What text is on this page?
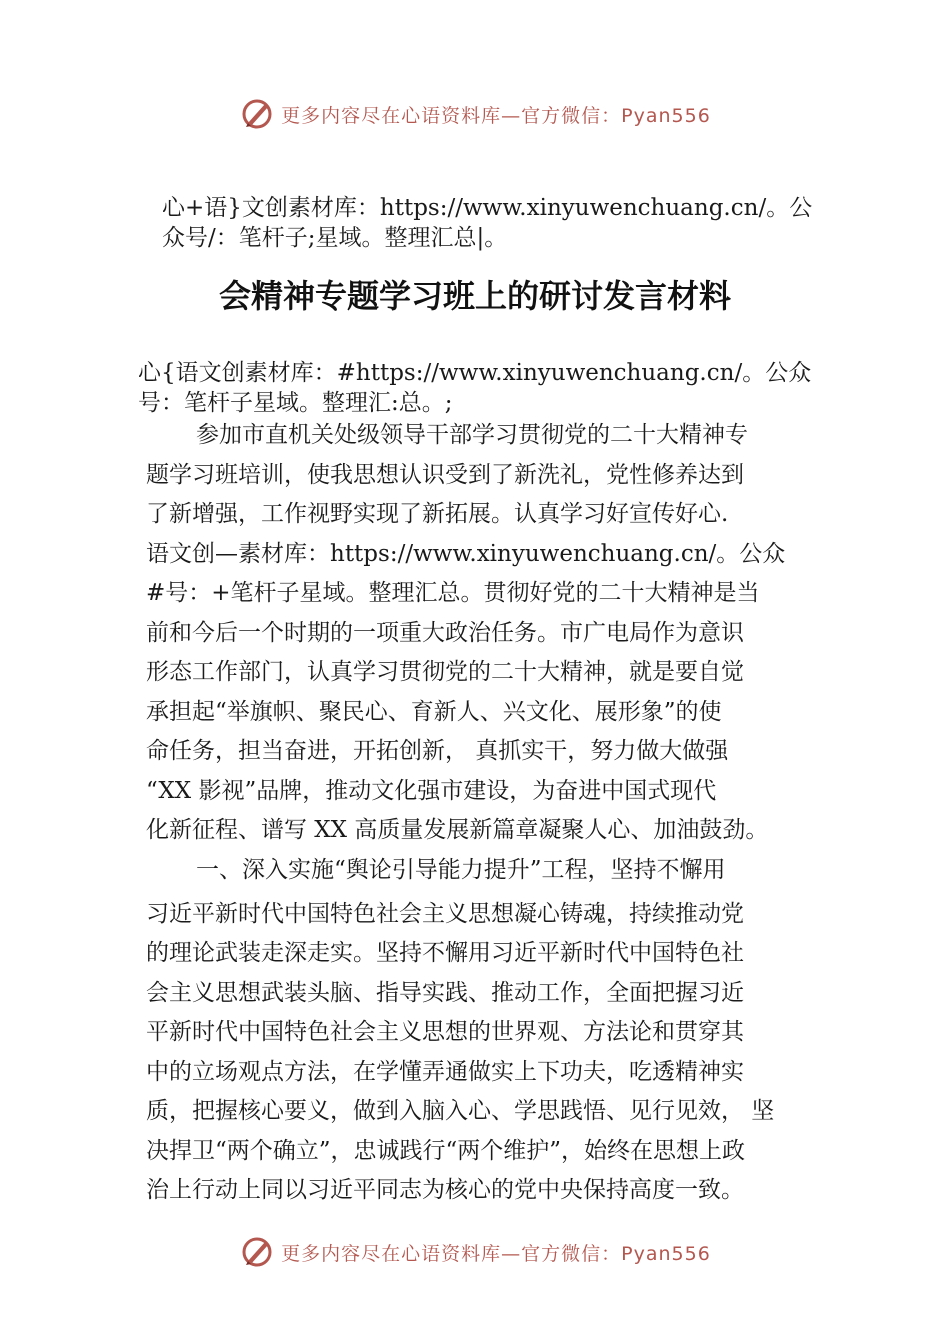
更多内容尽在心语资料库—官方微信：Pyan556
心+语}文创素材库：https://www.xinyuwenchuang.cn/。公
众号/：笔杆子;星域。整理汇总|。
会精神专题学习班上的研讨发言材料
心{语文创素材库：#https://www.xinyuwenchuang.cn/。公众
号：笔杆子星域。整理汇:总。;
参加市直机关处级领导干部学习贯彻党的二十大精神专
题学习班培训，使我思想认识受到了新洗礼，党性修养达到
了新增强，工作视野实现了新拓展。认真学习好宣传好心.
语文创—素材库：https://www.xinyuwenchuang.cn/。公众
#号：+笔杆子星域。整理汇总。贯彻好党的二十大精神是当
前和今后一个时期的一项重大政治任务。市广电局作为意识
形态工作部门，认真学习贯彻党的二十大精神，就是要自觉
承担起“举旗帜、聚民心、育新人、兴文化、展形象”的使
命任务，担当奋进，开拓创新， 真抓实干，努力做大做强
“XX 影视”品牌，推动文化强市建设，为奋进中国式现代
化新征程、谱写 XX 高质量发展新篇章凝聚人心、加油鼓劲。
一、深入实施“舆论引导能力提升”工程，坚持不懈用
习近平新时代中国特色社会主义思想凝心铸魂，持续推动党
的理论武装走深走实。坚持不懈用习近平新时代中国特色社
会主义思想武装头脑、指导实践、推动工作，全面把握习近
平新时代中国特色社会主义思想的世界观、方法论和贯穿其
中的立场观点方法，在学懂弄通做实上下功夫，吃透精神实
质，把握核心要义，做到入脑入心、学思践悟、见行见效， 坚
决捍卫“两个确立”，忠诚践行“两个维护”，始终在思想上政
治上行动上同以习近平同志为核心的党中央保持高度一致。
更多内容尽在心语资料库—官方微信：Pyan556
